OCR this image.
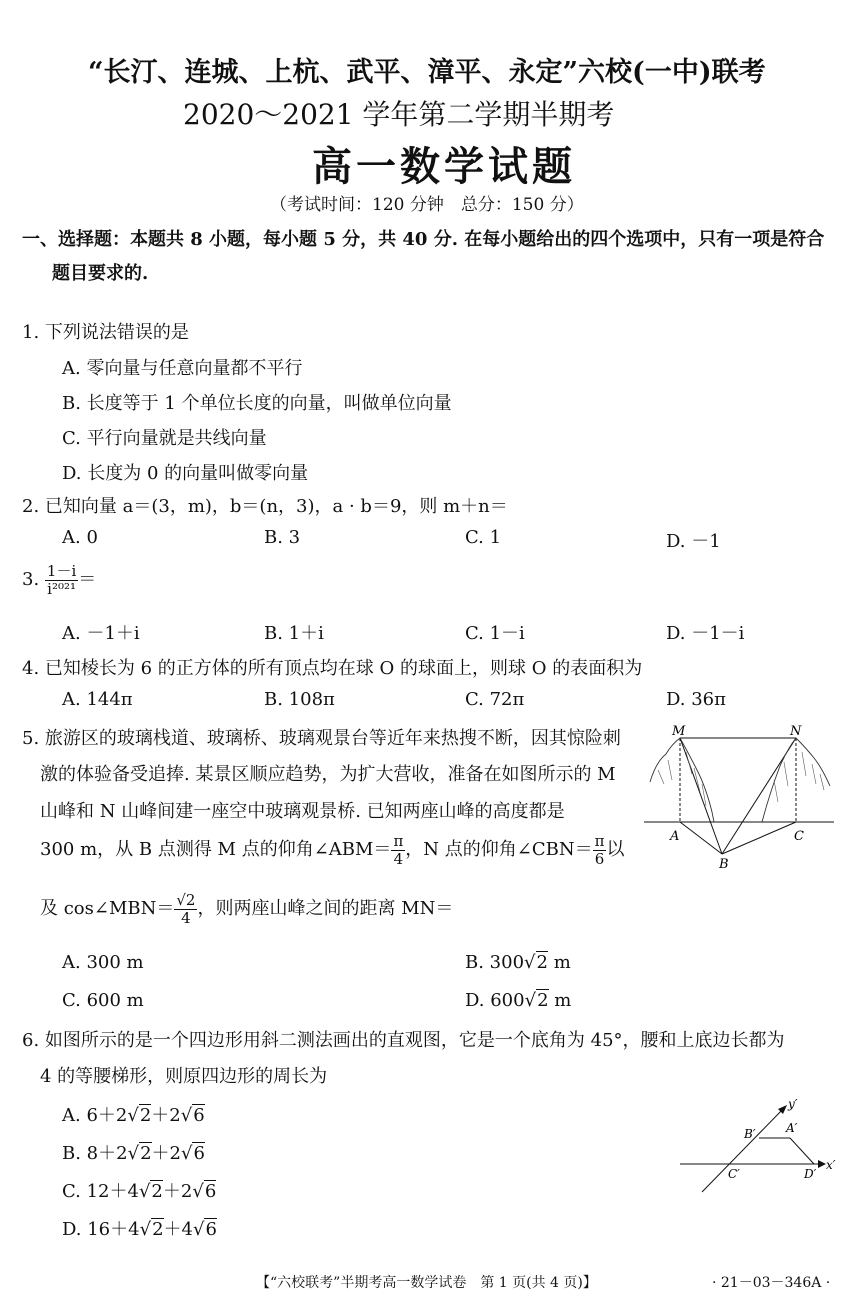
“长汀、连城、上杭、武平、漳平、永定”六校(一中)联考
2020～2021 学年第二学期半期考
高一数学试题
（考试时间：120 分钟　总分：150 分）
一、选择题：本题共 8 小题，每小题 5 分，共 40 分. 在每小题给出的四个选项中，只有一项是符合
题目要求的.
1. 下列说法错误的是
A. 零向量与任意向量都不平行
B. 长度等于 1 个单位长度的向量，叫做单位向量
C. 平行向量就是共线向量
D. 长度为 0 的向量叫做零向量
2. 已知向量 a＝(3，m)，b＝(n，3)，a · b＝9，则 m＋n＝
A. 0	B. 3	C. 1	D. －1
3. $\frac{1-i}{\text{i²⁰²¹}}$ ＝
A. －1＋i	B. 1＋i	C. 1－i	D. －1－i
4. 已知棱长为 6 的正方体的所有顶点均在球 O 的球面上，则球 O 的表面积为
A. 144π	B. 108π	C. 72π	D. 36π
5. 旅游区的玻璃栈道、玻璃桥、玻璃观景台等近年来热搜不断，因其惊险刺
激的体验备受追捧. 某景区顺应趋势，为扩大营收，准备在如图所示的 M
山峰和 N 山峰间建一座空中玻璃观景桥. 已知两座山峰的高度都是
300 m，从 B 点测得 M 点的仰角∠ABM＝ $\frac{\pi}{4}$ ，N 点的仰角∠CBN＝ $\frac{\pi}{6}$ 以
及 cos∠MBN＝ $\frac{√2}{4}$ ，则两座山峰之间的距离 MN＝
A. 300 m	B. 300√2 m
C. 600 m	D. 600√2 m
M	N
A	C
B
6. 如图所示的是一个四边形用斜二测法画出的直观图，它是一个底角为 45°，腰和上底边长都为
4 的等腰梯形，则原四边形的周长为
A. 6＋2√2＋2√6
B. 8＋2√2＋2√6
C. 12＋4√2＋2√6
D. 16＋4√2＋4√6
y′
x′
B′	A′
C′	D′
【“六校联考”半期考高一数学试卷　第 1 页(共 4 页)】	· 21－03－346A ·
